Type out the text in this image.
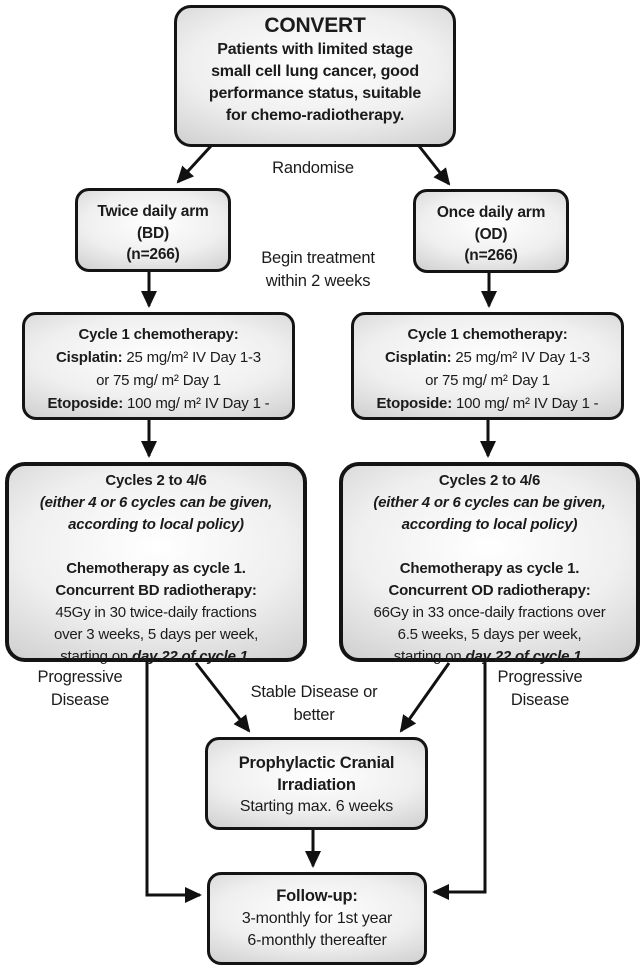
CONVERT
Patients with limited stage
small cell lung cancer, good
performance status, suitable
for chemo-radiotherapy.
Randomise
Twice daily arm
(BD)
(n=266)
Once daily arm
(OD)
(n=266)
Begin treatment
within 2 weeks
Cycle 1 chemotherapy:
Cisplatin: 25 mg/m² IV Day 1-3
or 75 mg/ m² Day 1
Etoposide: 100 mg/ m² IV Day 1 -
Cycle 1 chemotherapy:
Cisplatin: 25 mg/m² IV Day 1-3
or 75 mg/ m² Day 1
Etoposide: 100 mg/ m² IV Day 1 -
Cycles 2 to 4/6
(either 4 or 6 cycles can be given,
according to local policy)
Chemotherapy as cycle 1.
Concurrent BD radiotherapy:
45Gy in 30 twice-daily fractions
over 3 weeks, 5 days per week,
starting on day 22 of cycle 1.
Cycles 2 to 4/6
(either 4 or 6 cycles can be given,
according to local policy)
Chemotherapy as cycle 1.
Concurrent OD radiotherapy:
66Gy in 33 once-daily fractions over
6.5 weeks, 5 days per week,
starting on day 22 of cycle 1.
Progressive
Disease	Stable Disease or
better
Progressive
Disease
Prophylactic Cranial
Irradiation
Starting max. 6 weeks
Follow-up:
3-monthly for 1st year
6-monthly thereafter
